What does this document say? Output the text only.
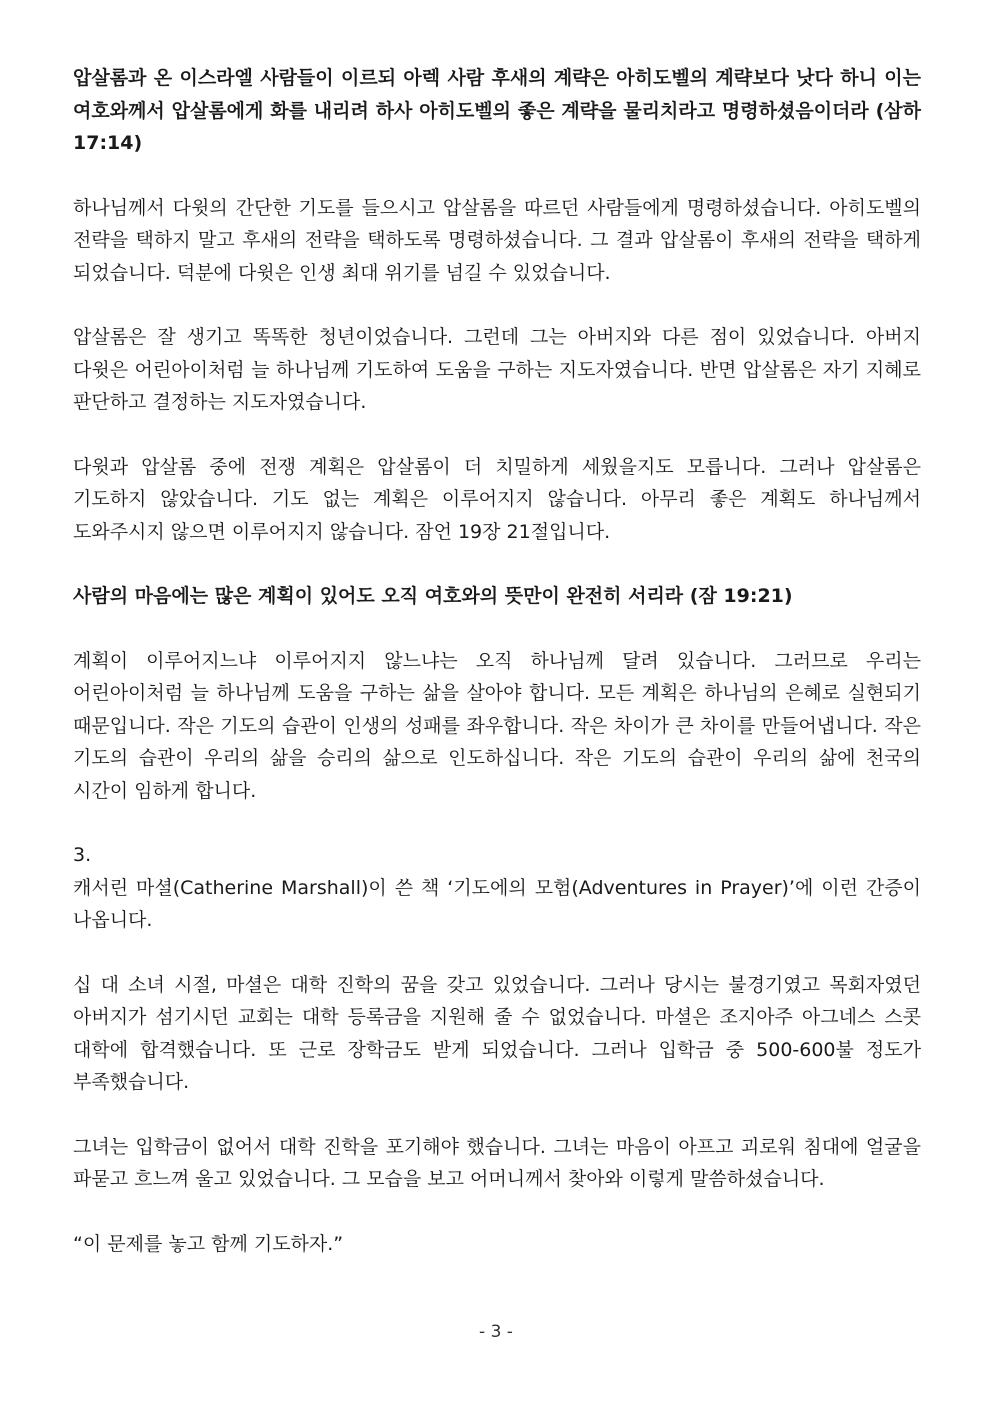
압살롬과 온 이스라엘 사람들이 이르되 아렉 사람 후새의 계략은 아히도벨의 계략보다 낫다 하니 이는 여호와께서 압살롬에게 화를 내리려 하사 아히도벨의 좋은 계략을 물리치라고 명령하셨음이더라 (삼하 17:14)

하나님께서 다윗의 간단한 기도를 들으시고 압살롬을 따르던 사람들에게 명령하셨습니다. 아히도벨의 전략을 택하지 말고 후새의 전략을 택하도록 명령하셨습니다. 그 결과 압살롬이 후새의 전략을 택하게 되었습니다. 덕분에 다윗은 인생 최대 위기를 넘길 수 있었습니다.

압살롬은 잘 생기고 똑똑한 청년이었습니다. 그런데 그는 아버지와 다른 점이 있었습니다. 아버지 다윗은 어린아이처럼 늘 하나님께 기도하여 도움을 구하는 지도자였습니다. 반면 압살롬은 자기 지혜로 판단하고 결정하는 지도자였습니다.

다윗과 압살롬 중에 전쟁 계획은 압살롬이 더 치밀하게 세웠을지도 모릅니다. 그러나 압살롬은 기도하지 않았습니다. 기도 없는 계획은 이루어지지 않습니다. 아무리 좋은 계획도 하나님께서 도와주시지 않으면 이루어지지 않습니다. 잠언 19장 21절입니다.

사람의 마음에는 많은 계획이 있어도 오직 여호와의 뜻만이 완전히 서리라 (잠 19:21)

계획이 이루어지느냐 이루어지지 않느냐는 오직 하나님께 달려 있습니다. 그러므로 우리는 어린아이처럼 늘 하나님께 도움을 구하는 삶을 살아야 합니다. 모든 계획은 하나님의 은혜로 실현되기 때문입니다. 작은 기도의 습관이 인생의 성패를 좌우합니다. 작은 차이가 큰 차이를 만들어냅니다. 작은 기도의 습관이 우리의 삶을 승리의 삶으로 인도하십니다. 작은 기도의 습관이 우리의 삶에 천국의 시간이 임하게 합니다.

3.

캐서린 마셜(Catherine Marshall)이 쓴 책 ‘기도에의 모험(Adventures in Prayer)’에 이런 간증이 나옵니다.

십 대 소녀 시절, 마셜은 대학 진학의 꿈을 갖고 있었습니다. 그러나 당시는 불경기였고 목회자였던 아버지가 섬기시던 교회는 대학 등록금을 지원해 줄 수 없었습니다. 마셜은 조지아주 아그네스 스콧 대학에 합격했습니다. 또 근로 장학금도 받게 되었습니다. 그러나 입학금 중 500-600불 정도가 부족했습니다.

그녀는 입학금이 없어서 대학 진학을 포기해야 했습니다. 그녀는 마음이 아프고 괴로워 침대에 얼굴을 파묻고 흐느껴 울고 있었습니다. 그 모습을 보고 어머니께서 찾아와 이렇게 말씀하셨습니다.

“이 문제를 놓고 함께 기도하자.”

- 3 -
